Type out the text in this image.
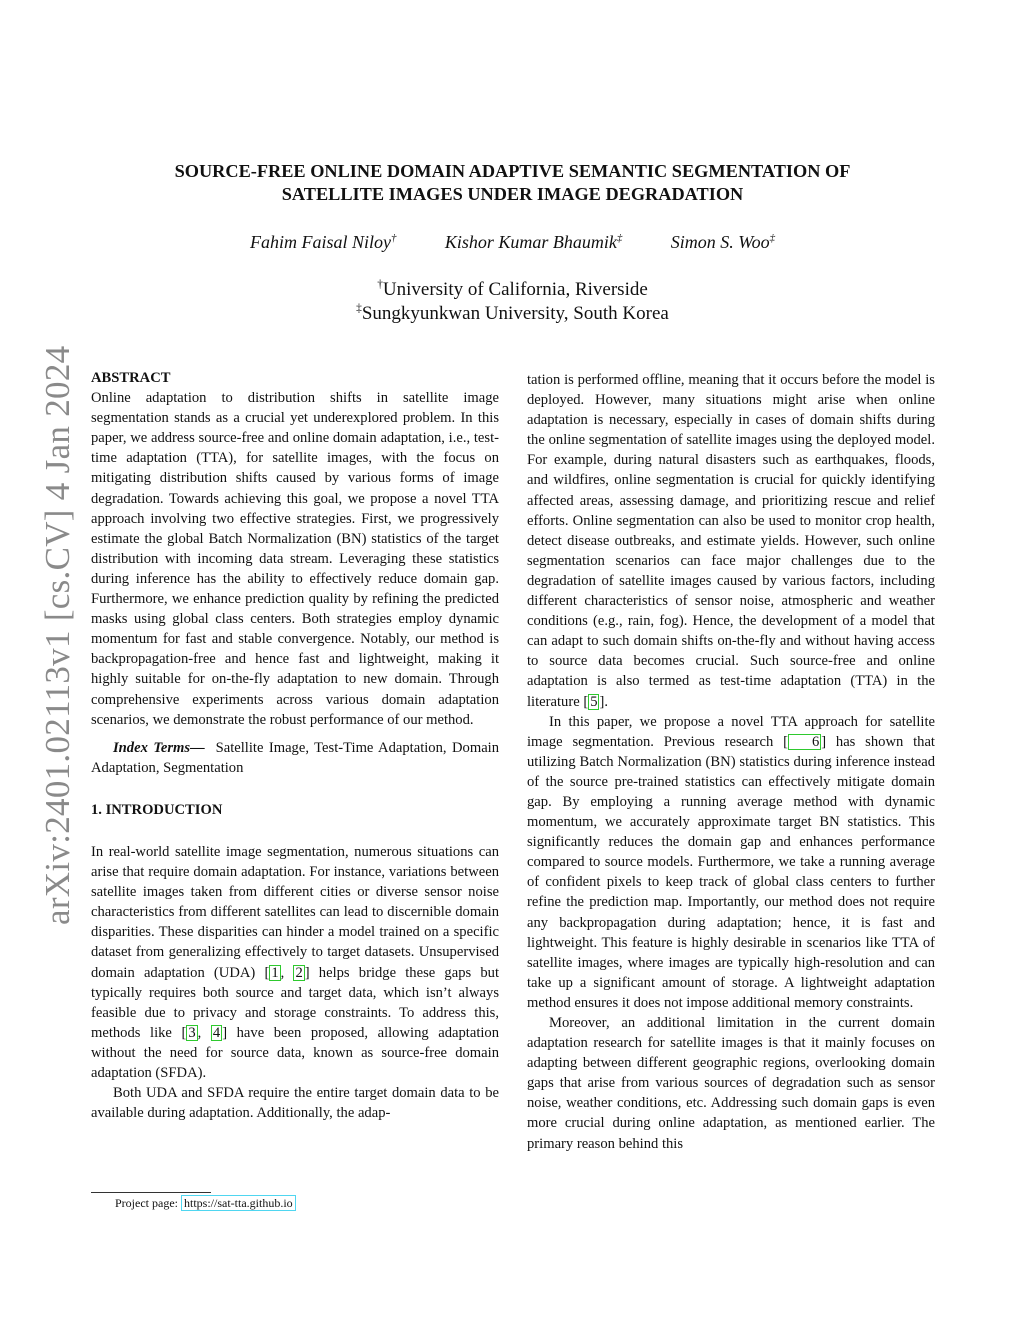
arXiv:2401.02113v1 [cs.CV] 4 Jan 2024
SOURCE-FREE ONLINE DOMAIN ADAPTIVE SEMANTIC SEGMENTATION OF
SATELLITE IMAGES UNDER IMAGE DEGRADATION
Fahim Faisal Niloy†	Kishor Kumar Bhaumik‡	Simon S. Woo‡
†University of California, Riverside
‡Sungkyunkwan University, South Korea

ABSTRACT

Online adaptation to distribution shifts in satellite image segmentation stands as a crucial yet underexplored problem. In this paper, we address source-free and online domain adaptation, i.e., test-time adaptation (TTA), for satellite images, with the focus on mitigating distribution shifts caused by various forms of image degradation. Towards achieving this goal, we propose a novel TTA approach involving two effective strategies. First, we progressively estimate the global Batch Normalization (BN) statistics of the target distribution with incoming data stream. Leveraging these statistics during inference has the ability to effectively reduce domain gap. Furthermore, we enhance prediction quality by refining the predicted masks using global class centers. Both strategies employ dynamic momentum for fast and stable convergence. Notably, our method is backpropagation-free and hence fast and lightweight, making it highly suitable for on-the-fly adaptation to new domain. Through comprehensive experiments across various domain adaptation scenarios, we demonstrate the robust performance of our method.

Index Terms— Satellite Image, Test-Time Adaptation, Domain Adaptation, Segmentation

1. INTRODUCTION

In real-world satellite image segmentation, numerous situations can arise that require domain adaptation. For instance, variations between satellite images taken from different cities or diverse sensor noise characteristics from different satellites can lead to discernible domain disparities. These disparities can hinder a model trained on a specific dataset from generalizing effectively to target datasets. Unsupervised domain adaptation (UDA) [ 1 , 2 ] helps bridge these gaps but typically requires both source and target data, which isn’t always feasible due to privacy and storage constraints. To address this, methods like [ 3 , 4 ] have been proposed, allowing adaptation without the need for source data, known as source-free domain adaptation (SFDA).

Both UDA and SFDA require the entire target domain data to be available during adaptation. Additionally, the adap-

tation is performed offline, meaning that it occurs before the model is deployed. However, many situations might arise when online adaptation is necessary, especially in cases of domain shifts during the online segmentation of satellite images using the deployed model. For example, during natural disasters such as earthquakes, floods, and wildfires, online segmentation is crucial for quickly identifying affected areas, assessing damage, and prioritizing rescue and relief efforts. Online segmentation can also be used to monitor crop health, detect disease outbreaks, and estimate yields. However, such online segmentation scenarios can face major challenges due to the degradation of satellite images caused by various factors, including different characteristics of sensor noise, atmospheric and weather conditions (e.g., rain, fog). Hence, the development of a model that can adapt to such domain shifts on-the-fly and without having access to source data becomes crucial. Such source-free and online adaptation is also termed as test-time adaptation (TTA) in the literature [ 5 ].

In this paper, we propose a novel TTA approach for satellite image segmentation. Previous research [ 6 ] has shown that utilizing Batch Normalization (BN) statistics during inference instead of the source pre-trained statistics can effectively mitigate domain gap. By employing a running average method with dynamic momentum, we accurately approximate target BN statistics. This significantly reduces the domain gap and enhances performance compared to source models. Furthermore, we take a running average of confident pixels to keep track of global class centers to further refine the prediction map. Importantly, our method does not require any backpropagation during adaptation; hence, it is fast and lightweight. This feature is highly desirable in scenarios like TTA of satellite images, where images are typically high-resolution and can take up a significant amount of storage. A lightweight adaptation method ensures it does not impose additional memory constraints.

Moreover, an additional limitation in the current domain adaptation research for satellite images is that it mainly focuses on adapting between different geographic regions, overlooking domain gaps that arise from various sources of degradation such as sensor noise, weather conditions, etc. Addressing such domain gaps is even more crucial during online adaptation, as mentioned earlier. The primary reason behind this

Project page: https://sat-tta.github.io
